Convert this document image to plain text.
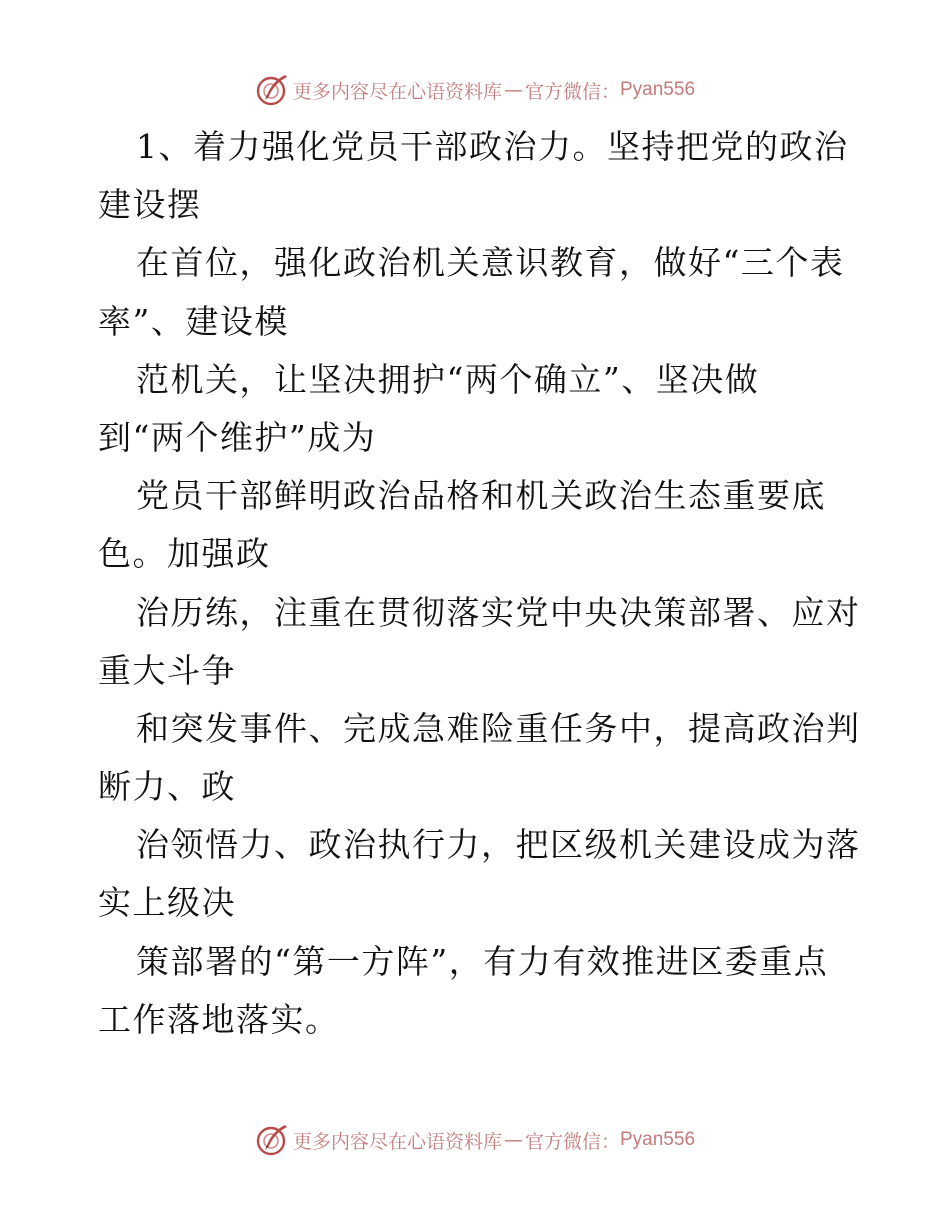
更多内容尽在心语资料库 — 官方微信： Pyan556
1、着力强化党员干部政治力。坚持把党的政治
建设摆
在首位，强化政治机关意识教育，做好“三个表
率”、建设模
范机关，让坚决拥护“两个确立”、坚决做
到“两个维护”成为
党员干部鲜明政治品格和机关政治生态重要底
色。加强政
治历练，注重在贯彻落实党中央决策部署、应对
重大斗争
和突发事件、完成急难险重任务中，提高政治判
断力、政
治领悟力、政治执行力，把区级机关建设成为落
实上级决
策部署的“第一方阵”，有力有效推进区委重点
工作落地落实。
更多内容尽在心语资料库 — 官方微信： Pyan556
